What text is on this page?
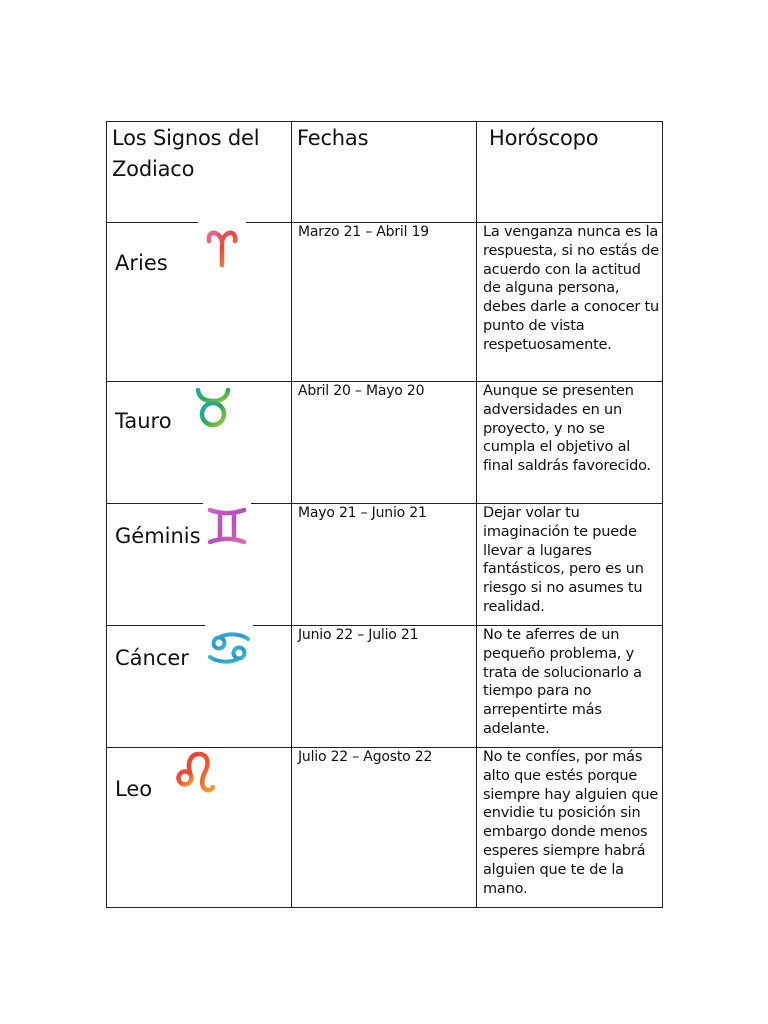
Los Signos del Zodiaco	Fechas	Horóscopo

Aries	Marzo 21 – Abril 19	La venganza nunca es la respuesta, si no estás de acuerdo con la actitud de alguna persona, debes darle a conocer tu punto de vista respetuosamente.

Tauro	Abril 20 – Mayo 20	Aunque se presenten adversidades en un proyecto, y no se cumpla el objetivo al final saldrás favorecido.

Géminis	Mayo 21 – Junio 21	Dejar volar tu imaginación te puede llevar a lugares fantásticos, pero es un riesgo si no asumes tu realidad.

Cáncer	Junio 22 – Julio 21	No te aferres de un pequeño problema, y trata de solucionarlo a tiempo para no arrepentirte más adelante.

Leo	Julio 22 – Agosto 22	No te confíes, por más alto que estés porque siempre hay alguien que envidie tu posición sin embargo donde menos esperes siempre habrá alguien que te de la mano.
